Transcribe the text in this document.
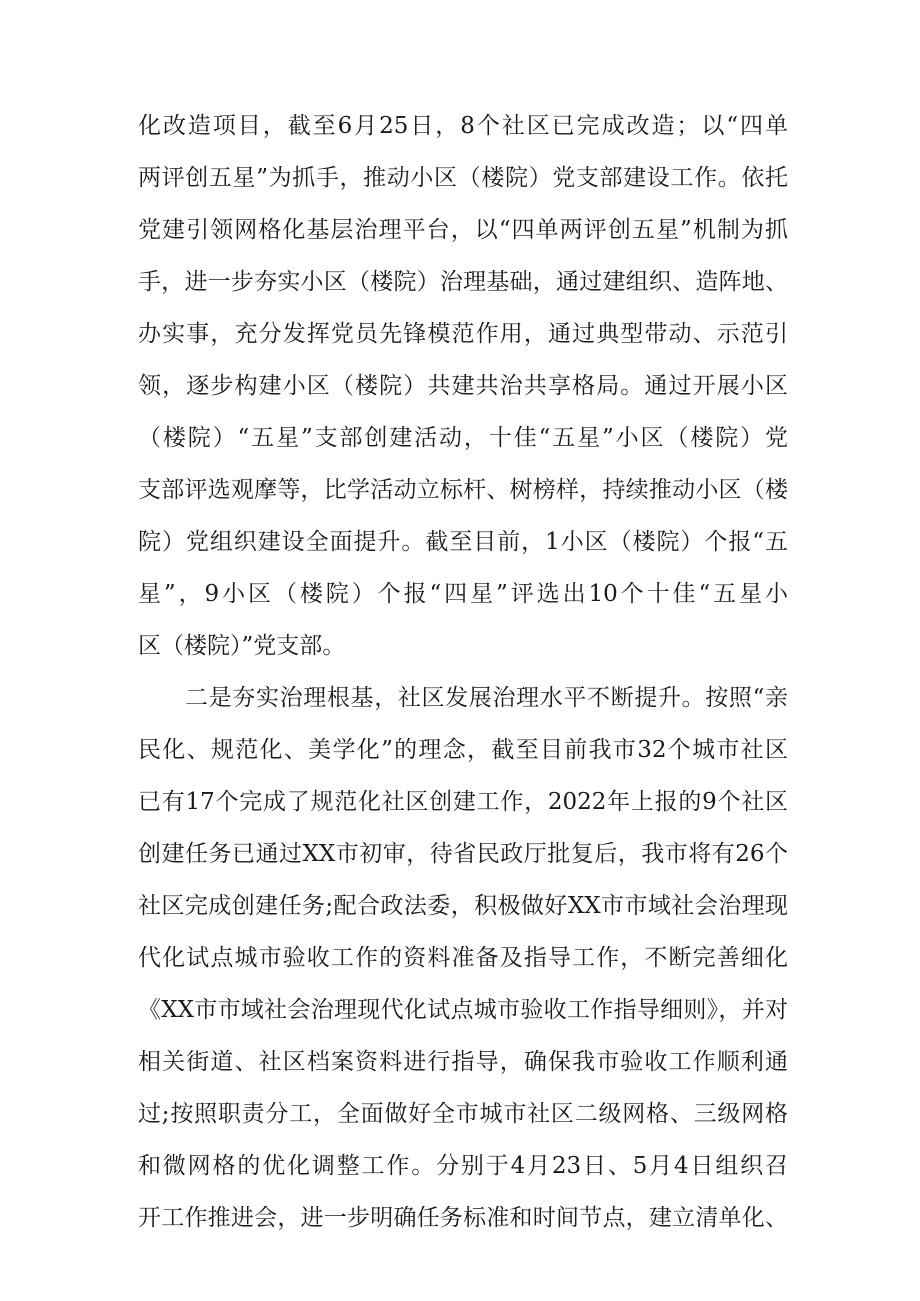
化改造项目，截至6月25日，8个社区已完成改造；以“四单
两评创五星”为抓手，推动小区（楼院）党支部建设工作。依托
党建引领网格化基层治理平台，以“四单两评创五星”机制为抓
手，进一步夯实小区（楼院）治理基础，通过建组织、造阵地、
办实事，充分发挥党员先锋模范作用，通过典型带动、示范引
领，逐步构建小区（楼院）共建共治共享格局。通过开展小区
（楼院）“五星”支部创建活动，十佳“五星”小区（楼院）党
支部评选观摩等，比学活动立标杆、树榜样，持续推动小区（楼
院）党组织建设全面提升。截至目前，1小区（楼院）个报“五
星”，9小区（楼院）个报“四星”评选出10个十佳“五星小
区（楼院）”党支部。
二是夯实治理根基，社区发展治理水平不断提升。按照“亲
民化、规范化、美学化”的理念，截至目前我市32个城市社区
已有17个完成了规范化社区创建工作，2022年上报的9个社区
创建任务已通过XX市初审，待省民政厅批复后，我市将有26个
社区完成创建任务;配合政法委，积极做好XX市市域社会治理现
代化试点城市验收工作的资料准备及指导工作，不断完善细化
《XX市市域社会治理现代化试点城市验收工作指导细则》，并对
相关街道、社区档案资料进行指导，确保我市验收工作顺利通
过;按照职责分工，全面做好全市城市社区二级网格、三级网格
和微网格的优化调整工作。分别于4月23日、5月4日组织召
开工作推进会，进一步明确任务标准和时间节点，建立清单化、
